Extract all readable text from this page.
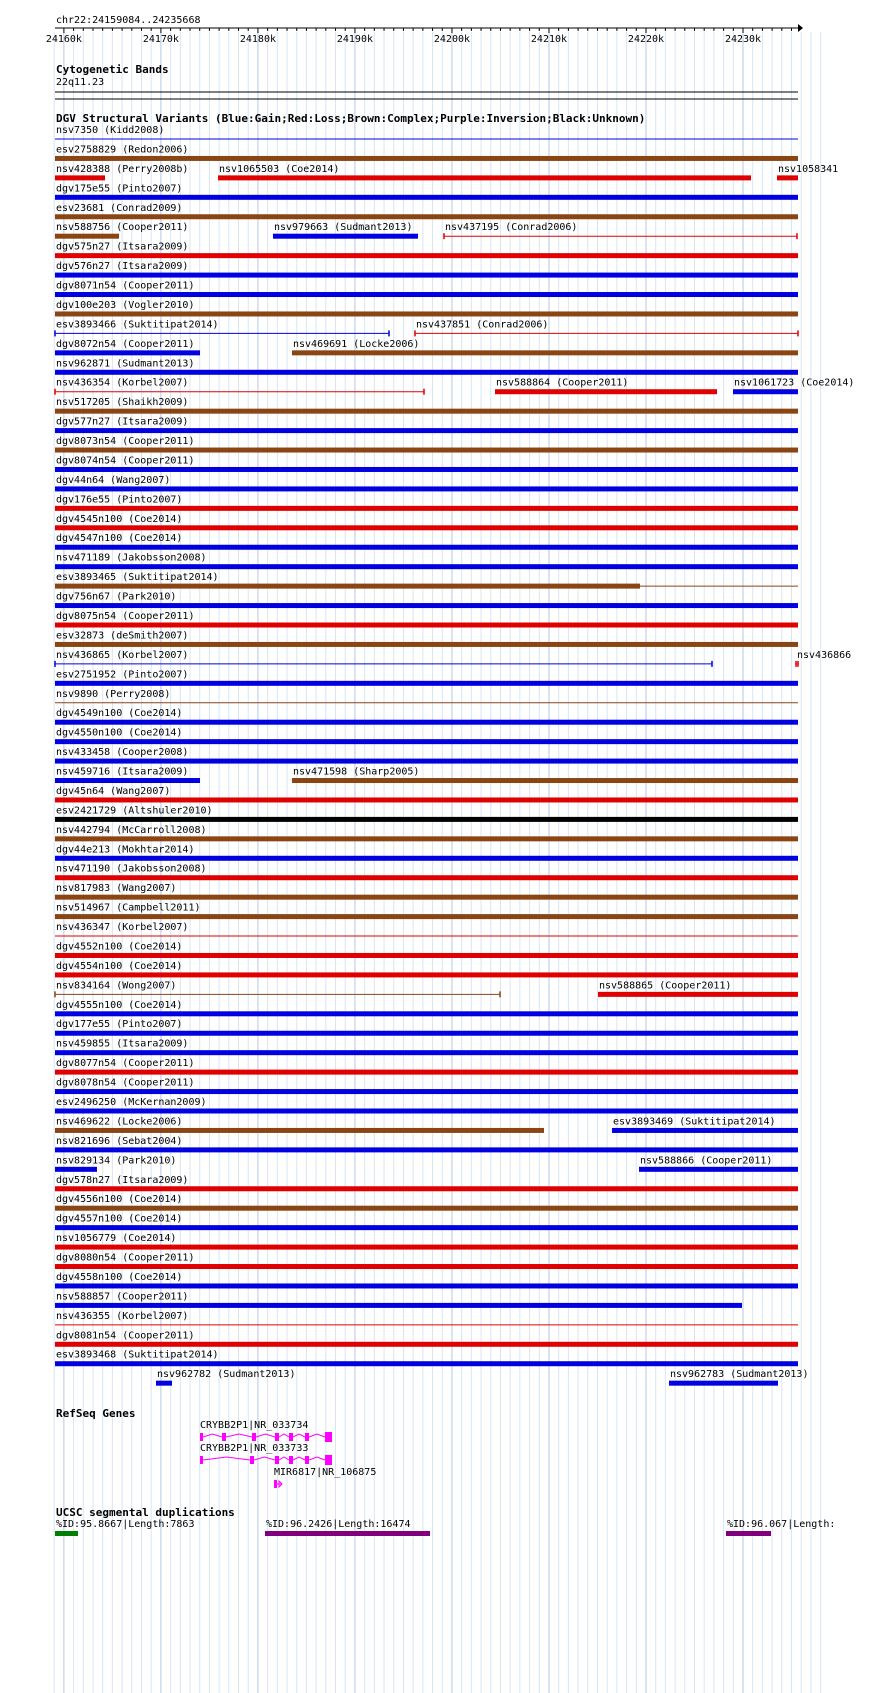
chr22:24159084..24235668
24160k	24170k	24180k	24190k	24200k	24210k	24220k	24230k
Cytogenetic Bands
22q11.23
DGV Structural Variants (Blue:Gain;Red:Loss;Brown:Complex;Purple:Inversion;Black:Unknown)
nsv7350 (Kidd2008)
esv2758829 (Redon2006)
nsv428388 (Perry2008b)	nsv1065503 (Coe2014)	nsv1058341
dgv175e55 (Pinto2007)
esv23681 (Conrad2009)
nsv588756 (Cooper2011)	nsv979663 (Sudmant2013)	nsv437195 (Conrad2006)
dgv575n27 (Itsara2009)
dgv576n27 (Itsara2009)
dgv8071n54 (Cooper2011)
dgv100e203 (Vogler2010)
esv3893466 (Suktitipat2014)	nsv437851 (Conrad2006)
dgv8072n54 (Cooper2011)	nsv469691 (Locke2006)
nsv962871 (Sudmant2013)
nsv436354 (Korbel2007)	nsv588864 (Cooper2011)	nsv1061723 (Coe2014)
nsv517205 (Shaikh2009)
dgv577n27 (Itsara2009)
dgv8073n54 (Cooper2011)
dgv8074n54 (Cooper2011)
dgv44n64 (Wang2007)
dgv176e55 (Pinto2007)
dgv4545n100 (Coe2014)
dgv4547n100 (Coe2014)
nsv471189 (Jakobsson2008)
esv3893465 (Suktitipat2014)
dgv756n67 (Park2010)
dgv8075n54 (Cooper2011)
esv32873 (deSmith2007)
nsv436865 (Korbel2007)	nsv436866
esv2751952 (Pinto2007)
nsv9890 (Perry2008)
dgv4549n100 (Coe2014)
dgv4550n100 (Coe2014)
nsv433458 (Cooper2008)
nsv459716 (Itsara2009)	nsv471598 (Sharp2005)
dgv45n64 (Wang2007)
esv2421729 (Altshuler2010)
nsv442794 (McCarroll2008)
dgv44e213 (Mokhtar2014)
nsv471190 (Jakobsson2008)
nsv817983 (Wang2007)
nsv514967 (Campbell2011)
nsv436347 (Korbel2007)
dgv4552n100 (Coe2014)
dgv4554n100 (Coe2014)
nsv834164 (Wong2007)	nsv588865 (Cooper2011)
dgv4555n100 (Coe2014)
dgv177e55 (Pinto2007)
nsv459855 (Itsara2009)
dgv8077n54 (Cooper2011)
dgv8078n54 (Cooper2011)
esv2496250 (McKernan2009)
nsv469622 (Locke2006)	esv3893469 (Suktitipat2014)
nsv821696 (Sebat2004)
nsv829134 (Park2010)	nsv588866 (Cooper2011)
dgv578n27 (Itsara2009)
dgv4556n100 (Coe2014)
dgv4557n100 (Coe2014)
nsv1056779 (Coe2014)
dgv8080n54 (Cooper2011)
dgv4558n100 (Coe2014)
nsv588857 (Cooper2011)
nsv436355 (Korbel2007)
dgv8081n54 (Cooper2011)
esv3893468 (Suktitipat2014)
nsv962782 (Sudmant2013)	nsv962783 (Sudmant2013)
RefSeq Genes
CRYBB2P1|NR_033734
CRYBB2P1|NR_033733
MIR6817|NR_106875
UCSC segmental duplications
%ID:95.8667|Length:7863	%ID:96.2426|Length:16474	%ID:96.067|Length:
